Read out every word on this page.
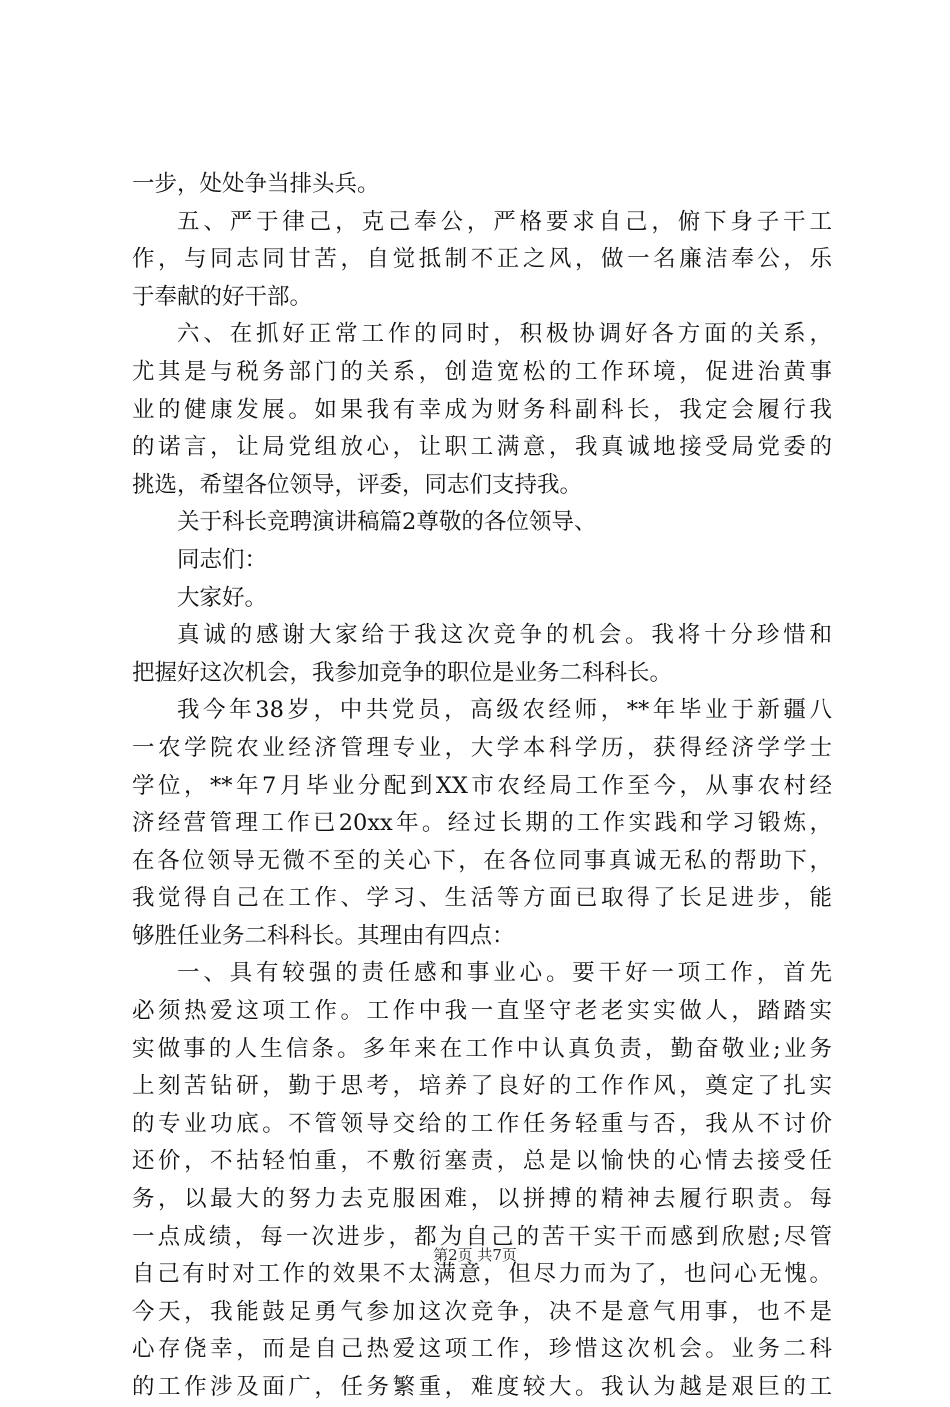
一步，处处争当排头兵。
五、严于律己，克己奉公，严格要求自己，俯下身子干工
作，与同志同甘苦，自觉抵制不正之风，做一名廉洁奉公，乐
于奉献的好干部。
六、在抓好正常工作的同时，积极协调好各方面的关系，
尤其是与税务部门的关系，创造宽松的工作环境，促进治黄事
业的健康发展。如果我有幸成为财务科副科长，我定会履行我
的诺言，让局党组放心，让职工满意，我真诚地接受局党委的
挑选，希望各位领导，评委，同志们支持我。
关于科长竞聘演讲稿篇2尊敬的各位领导、
同志们：
大家好。
真诚的感谢大家给于我这次竞争的机会。我将十分珍惜和
把握好这次机会，我参加竞争的职位是业务二科科长。
我今年38岁，中共党员，高级农经师，**年毕业于新疆八
一农学院农业经济管理专业，大学本科学历，获得经济学学士
学位，**年7月毕业分配到XX市农经局工作至今，从事农村经
济经营管理工作已20xx年。经过长期的工作实践和学习锻炼，
在各位领导无微不至的关心下，在各位同事真诚无私的帮助下，
我觉得自己在工作、学习、生活等方面已取得了长足进步，能
够胜任业务二科科长。其理由有四点：
一、具有较强的责任感和事业心。要干好一项工作，首先
必须热爱这项工作。工作中我一直坚守老老实实做人，踏踏实
实做事的人生信条。多年来在工作中认真负责，勤奋敬业;业务
上刻苦钻研，勤于思考，培养了良好的工作作风，奠定了扎实
的专业功底。不管领导交给的工作任务轻重与否，我从不讨价
还价，不拈轻怕重，不敷衍塞责，总是以愉快的心情去接受任
务，以最大的努力去克服困难，以拼搏的精神去履行职责。每
一点成绩，每一次进步，都为自己的苦干实干而感到欣慰;尽管
自己有时对工作的效果不太满意，但尽力而为了，也问心无愧。
今天，我能鼓足勇气参加这次竞争，决不是意气用事，也不是
心存侥幸，而是自己热爱这项工作，珍惜这次机会。业务二科
的工作涉及面广，任务繁重，难度较大。我认为越是艰巨的工
第2页 共7页
